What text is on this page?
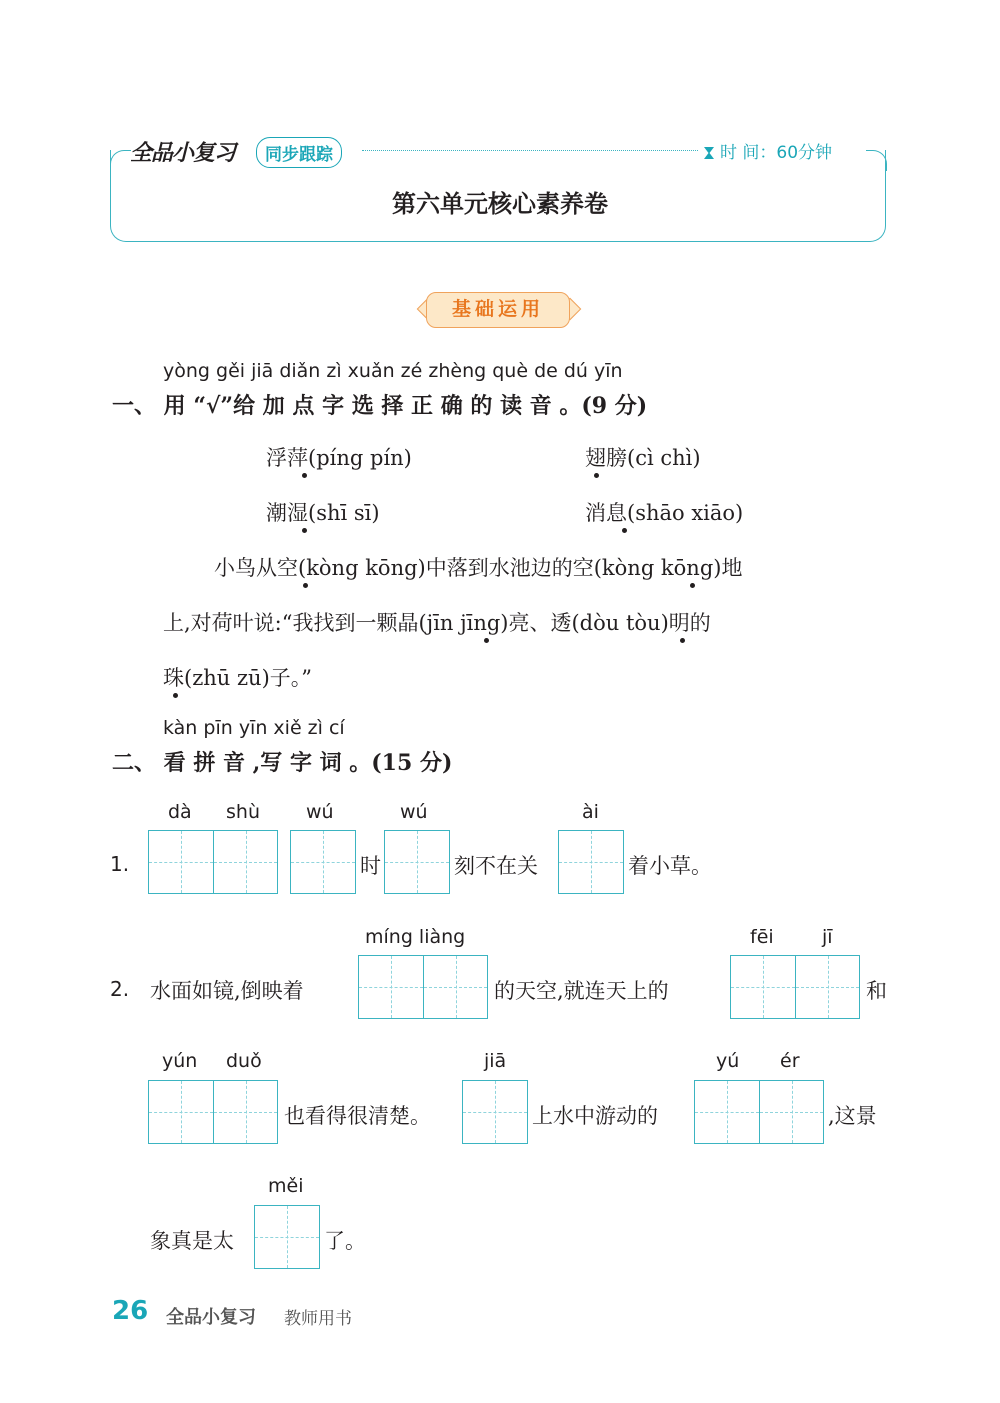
全品小复习	同步跟踪	时 间：60分钟
第六单元核心素养卷
基础运用
yòng gěi jiā diǎn zì xuǎn zé zhèng què de dú yīn
一、 用 “√”给 加 点 字 选 择 正 确 的 读 音 。(9 分)
浮萍(píng pín)	翅膀(cì chì)
潮湿(shī sī)	消息(shāo xiāo)
小鸟从空(kòng kōng)中落到水池边的空(kòng kōng)地
上,对荷叶说:“我找到一颗晶(jīn jīng)亮、透(dòu tòu)明的
珠(zhū zū)子。”
kàn pīn yīn xiě zì cí
二、 看 拼 音 ,写 字 词 。(15 分)
dà shù wú	wú	ài
1.	时	刻不在关	着小草。
míng liàng	fēi	jī
2. 水面如镜,倒映着	的天空,就连天上的	和
yún duǒ	jiā	yú ér
也看得很清楚。	上水中游动的	,这景
měi
象真是太	了。
26 全品小复习 教师用书
